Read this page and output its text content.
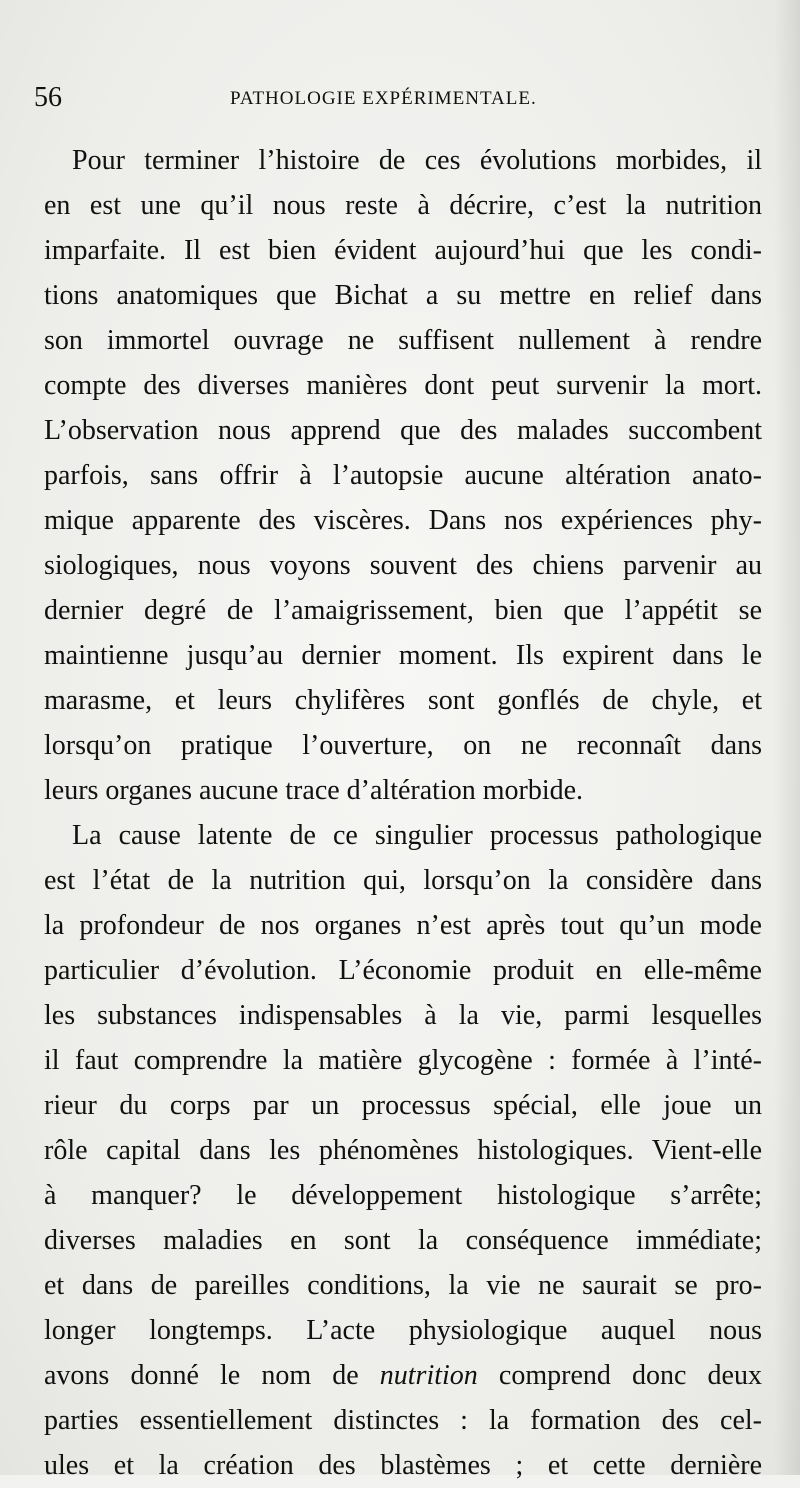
56	PATHOLOGIE EXPÉRIMENTALE.
Pour terminer l’histoire de ces évolutions morbides, il
en est une qu’il nous reste à décrire, c’est la nutrition
imparfaite. Il est bien évident aujourd’hui que les condi-
tions anatomiques que Bichat a su mettre en relief dans
son immortel ouvrage ne suffisent nullement à rendre
compte des diverses manières dont peut survenir la mort.
L’observation nous apprend que des malades succombent
parfois, sans offrir à l’autopsie aucune altération anato-
mique apparente des viscères. Dans nos expériences phy-
siologiques, nous voyons souvent des chiens parvenir au
dernier degré de l’amaigrissement, bien que l’appétit se
maintienne jusqu’au dernier moment. Ils expirent dans le
marasme, et leurs chylifères sont gonflés de chyle, et
lorsqu’on pratique l’ouverture, on ne reconnaît dans
leurs organes aucune trace d’altération morbide.
La cause latente de ce singulier processus pathologique
est l’état de la nutrition qui, lorsqu’on la considère dans
la profondeur de nos organes n’est après tout qu’un mode
particulier d’évolution. L’économie produit en elle-même
les substances indispensables à la vie, parmi lesquelles
il faut comprendre la matière glycogène : formée à l’inté-
rieur du corps par un processus spécial, elle joue un
rôle capital dans les phénomènes histologiques. Vient-elle
à manquer? le développement histologique s’arrête;
diverses maladies en sont la conséquence immédiate;
et dans de pareilles conditions, la vie ne saurait se pro-
longer longtemps. L’acte physiologique auquel nous
avons donné le nom de nutrition comprend donc deux
parties essentiellement distinctes : la formation des cel-
ules et la création des blastèmes ; et cette dernière
